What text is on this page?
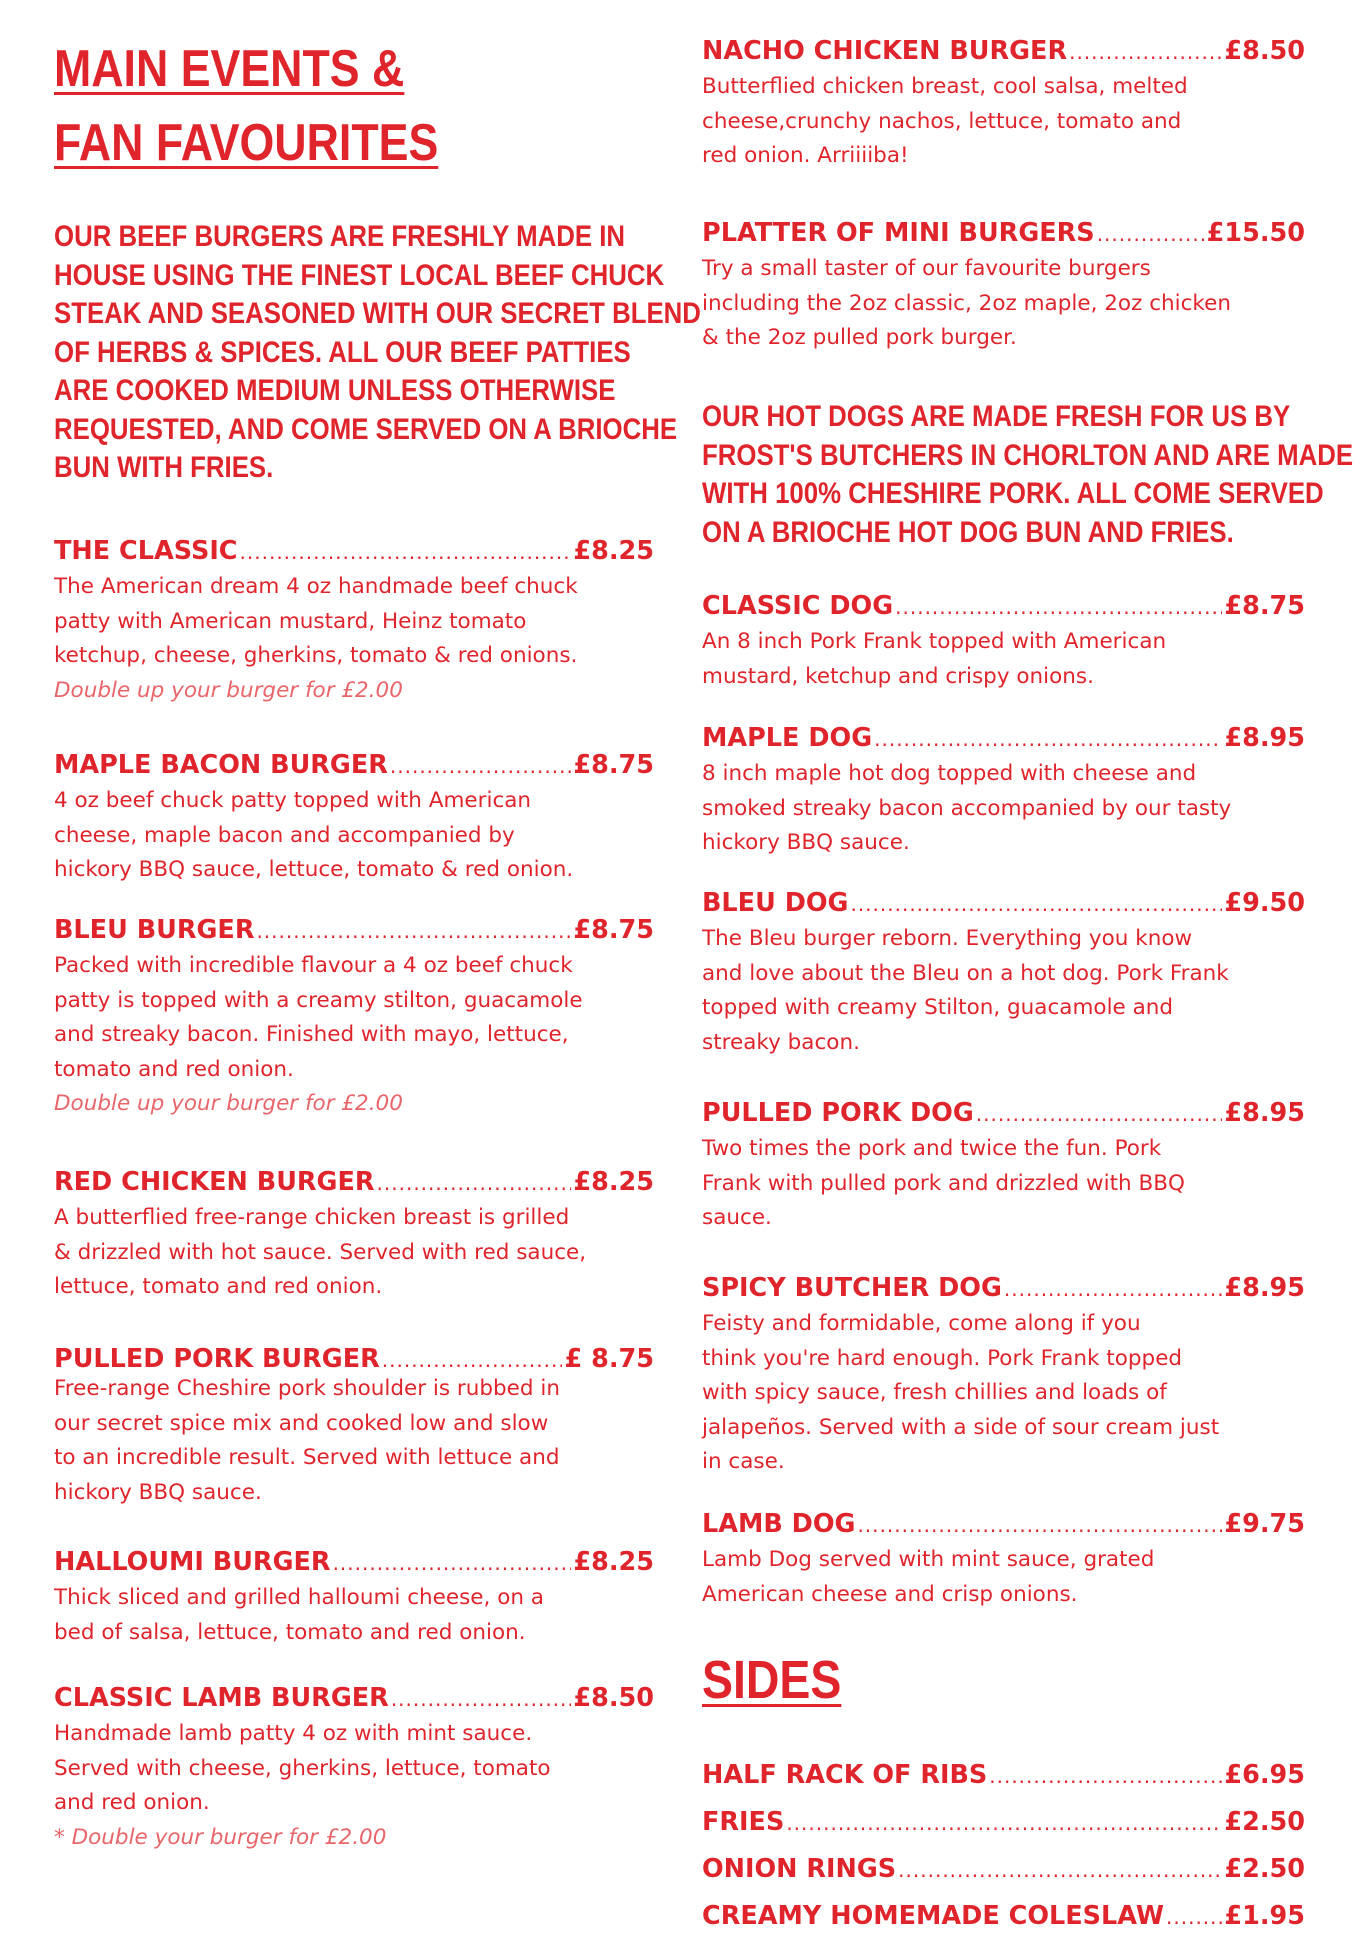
MAIN EVENTS &
FAN FAVOURITES
OUR BEEF BURGERS ARE FRESHLY MADE IN
HOUSE USING THE FINEST LOCAL BEEF CHUCK
STEAK AND SEASONED WITH OUR SECRET BLEND
OF HERBS & SPICES. ALL OUR BEEF PATTIES
ARE COOKED MEDIUM UNLESS OTHERWISE
REQUESTED, AND COME SERVED ON A BRIOCHE
BUN WITH FRIES.
THE CLASSIC .....	£8.25
The American dream 4 oz handmade beef chuck
patty with American mustard, Heinz tomato
ketchup, cheese, gherkins, tomato & red onions.
Double up your burger for £2.00
MAPLE BACON BURGER .....	£8.75
4 oz beef chuck patty topped with American
cheese, maple bacon and accompanied by
hickory BBQ sauce, lettuce, tomato & red onion.
BLEU BURGER .....	£8.75
Packed with incredible flavour a 4 oz beef chuck
patty is topped with a creamy stilton, guacamole
and streaky bacon. Finished with mayo, lettuce,
tomato and red onion.
Double up your burger for £2.00
RED CHICKEN BURGER .....	£8.25
A butterflied free-range chicken breast is grilled
& drizzled with hot sauce. Served with red sauce,
lettuce, tomato and red onion.
PULLED PORK BURGER .....	£ 8.75
Free-range Cheshire pork shoulder is rubbed in
our secret spice mix and cooked low and slow
to an incredible result. Served with lettuce and
hickory BBQ sauce.
HALLOUMI BURGER .....	£8.25
Thick sliced and grilled halloumi cheese, on a
bed of salsa, lettuce, tomato and red onion.
CLASSIC LAMB BURGER .....	£8.50
Handmade lamb patty 4 oz with mint sauce.
Served with cheese, gherkins, lettuce, tomato
and red onion.
* Double your burger for £2.00
NACHO CHICKEN BURGER .....	£8.50
Butterflied chicken breast, cool salsa, melted
cheese,crunchy nachos, lettuce, tomato and
red onion. Arriiiiba!
PLATTER OF MINI BURGERS .....	£15.50
Try a small taster of our favourite burgers
including the 2oz classic, 2oz maple, 2oz chicken
& the 2oz pulled pork burger.
OUR HOT DOGS ARE MADE FRESH FOR US BY
FROST'S BUTCHERS IN CHORLTON AND ARE MADE
WITH 100% CHESHIRE PORK. ALL COME SERVED
ON A BRIOCHE HOT DOG BUN AND FRIES.
CLASSIC DOG .....	£8.75
An 8 inch Pork Frank topped with American
mustard, ketchup and crispy onions.
MAPLE DOG .....	£8.95
8 inch maple hot dog topped with cheese and
smoked streaky bacon accompanied by our tasty
hickory BBQ sauce.
BLEU DOG .....	£9.50
The Bleu burger reborn. Everything you know
and love about the Bleu on a hot dog. Pork Frank
topped with creamy Stilton, guacamole and
streaky bacon.
PULLED PORK DOG .....	£8.95
Two times the pork and twice the fun. Pork
Frank with pulled pork and drizzled with BBQ
sauce.
SPICY BUTCHER DOG .....	£8.95
Feisty and formidable, come along if you
think you're hard enough. Pork Frank topped
with spicy sauce, fresh chillies and loads of
jalapeños. Served with a side of sour cream just
in case.
LAMB DOG .....	£9.75
Lamb Dog served with mint sauce, grated
American cheese and crisp onions.
SIDES
HALF RACK OF RIBS .....	£6.95
FRIES .....	£2.50
ONION RINGS .....	£2.50
CREAMY HOMEMADE COLESLAW ..... £1.95
